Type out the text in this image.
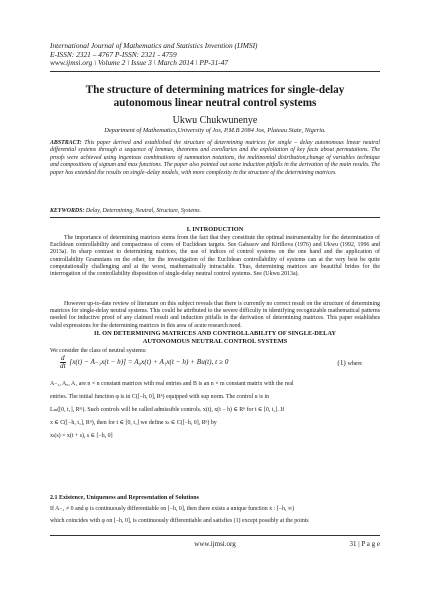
International Journal of Mathematics and Statistics Invention (IJMSI)
E-ISSN: 2321 – 4767 P-ISSN: 2321 - 4759
www.ijmsi.org \ Volume 2 \ Issue 3 \ March 2014 \ PP-31-47
The structure of determining matrices for single-delay
autonomous linear neutral control systems
Ukwu Chukwunenye
Department of Mathematics,University of Jos, P.M.B 2084 Jos, Plateau State, Nigeria.
ABSTRACT: This paper derived and established the structure of determining matrices for single – delay autonomous linear neutral differential systems through a sequence of lemmas, theorems and corollaries and the exploitation of key facts about permutations. The proofs were achieved using ingenious combinations of summation notations, the multinomial distribution,change of variables technique and compositions of signum and max functions. The paper also pointed out some induction pitfalls in the derivation of the main results. The paper has extended the results on single–delay models, with more complexity in the structure of the determining matrices.
KEYWORDS: Delay, Determining, Neutral, Structure, Systems.
I. INTRODUCTION

The importance of determining matrices stems from the fact that they constitute the optimal instrumentality for the determination of Euclidean controllability and compactness of cores of Euclidean targets. See Gabasov and Kirillova (1976) and Ukwu (1992, 1996 and 2013a). In sharp contrast to determining matrices, the use of indices of control systems on the one hand and the application of controllability Gramnians on the other, for the investigation of the Euclidean controllability of systems can at the very best be quite computationally challenging and at the worst, mathematically intractable. Thus, determining matrices are beautiful brides for the interrogation of the controllability disposition of single-delay neutral control systems. See (Ukwu 2013a).

However up-to-date review of literature on this subject reveals that there is currently no correct result on the structure of determining matrices for single-delay neutral systems. This could be attributed to the severe difficulty in identifying recognizable mathematical patterns needed for inductive proof of any claimed result and induction pitfalls in the derivation of determining matrices. This paper establishes valid expressions for the determining matrices in this area of acute research need.

II. ON DETERMINING MATRICES AND CONTROLLABILITY OF SINGLE-DELAY
AUTONOMOUS NEUTRAL CONTROL SYSTEMS
We consider the class of neutral systems:
$\frac{d}{dt} [x(t) - A_{-1}x(t - h)] = A_0x(t) + A_1x(t - h) + Bu(t)$, t ≥ 0	(1) where
A₋₁, A₀, A₁ are n × n constant matrices with real entries and B is an n × m constant matrix with the real
entries. The initial function φ is in C([−h, 0], Rⁿ) equipped with sup norm. The control u is in
Lₘ([0, t₁], Rᵐ). Such controls will be called admissible controls. x(t), x(t − h) ∈ Rⁿ for t ∈ [0, t₁]. If
x ∈ C([−h, t₁], Rⁿ), then for t ∈ [0, t₁] we define xₜ ∈ C([−h, 0], Rⁿ) by
xₜ(s) = x(t + s), s ∈ [−h, 0]
2.1 Existence, Uniqueness and Representation of Solutions
If A₋₁ ≠ 0 and φ is continuously differentiable on [−h, 0], then there exists a unique function x : [−h, ∞)
which coincides with φ on [−h, 0], is continuously differentiable and satisfies (1) except possibly at the points
www.ijmsi.org	31 | P a g e
